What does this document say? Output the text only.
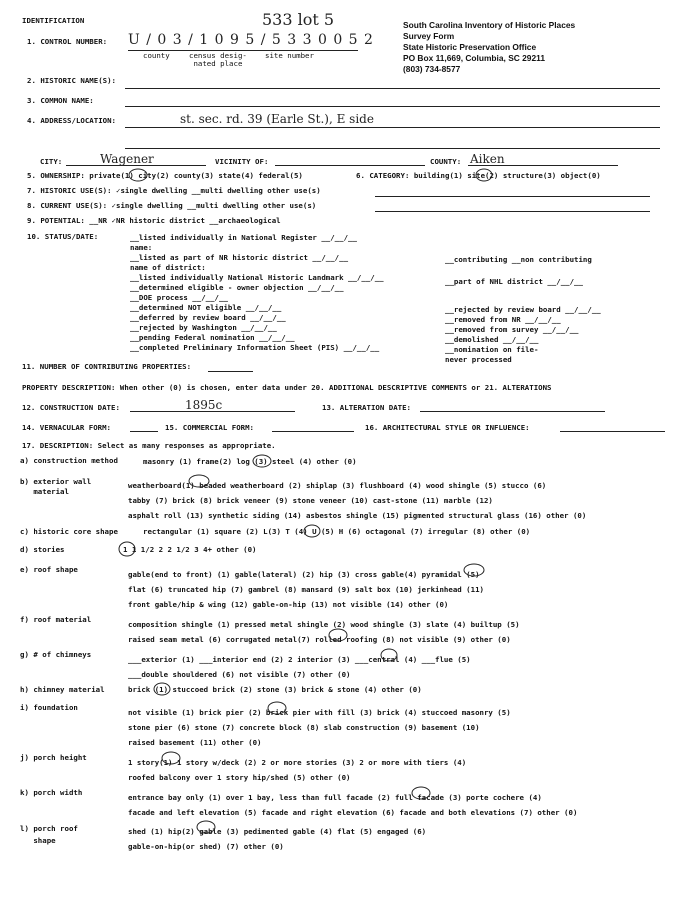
IDENTIFICATION	533 lot 5
1. CONTROL NUMBER: U / 0 3 / 1 0 9 5 / 5 3 3 0 0 5 2
county	census desig-
nated place
site number
South Carolina Inventory of Historic Places
Survey Form
State Historic Preservation Office
PO Box 11,669, Columbia, SC 29211
(803) 734-8577
2. HISTORIC NAME(S):
3. COMMON NAME:
4. ADDRESS/LOCATION:	st. sec. rd. 39 (Earle St.), E side
CITY:	Wagener	VICINITY OF:	COUNTY: Aiken
5. OWNERSHIP: private(1) city(2) county(3) state(4) federal(5)	6. CATEGORY: building(1) site(2) structure(3) object(0)
7. HISTORIC USE(S): ✓single dwelling __multi dwelling other use(s)
8. CURRENT USE(S): ✓single dwelling __multi dwelling other use(s)
9. POTENTIAL: __NR ✓NR historic district __archaeological
10. STATUS/DATE:	__listed individually in National Register __/__/__
name:
__listed as part of NR historic district __/__/__
name of district:
__listed individually National Historic Landmark __/__/__
__determined eligible - owner objection __/__/__
__DOE process __/__/__
__determined NOT eligible __/__/__
__deferred by review board __/__/__
__rejected by Washington __/__/__
__pending Federal nomination __/__/__
__completed Preliminary Information Sheet (PIS) __/__/__
__contributing __non contributing

__part of NHL district __/__/__
__rejected by review board __/__/__
__removed from NR __/__/__
__removed from survey __/__/__
__demolished __/__/__
__nomination on file-
never processed
11. NUMBER OF CONTRIBUTING PROPERTIES:
PROPERTY DESCRIPTION: When other (0) is chosen, enter data under 20. ADDITIONAL DESCRIPTIVE COMMENTS or 21. ALTERATIONS
12. CONSTRUCTION DATE:	1895c	13. ALTERATION DATE:
14. VERNACULAR FORM:	15. COMMERCIAL FORM:	16. ARCHITECTURAL STYLE OR INFLUENCE:
17. DESCRIPTION: Select as many responses as appropriate.
a) construction method	masonry (1) frame(2) log (3) steel (4) other (0)
b) exterior wall
material
weatherboard(1) beaded weatherboard (2) shiplap (3) flushboard (4) wood shingle (5) stucco (6)
tabby (7) brick (8) brick veneer (9) stone veneer (10) cast-stone (11) marble (12)
asphalt roll (13) synthetic siding (14) asbestos shingle (15) pigmented structural glass (16) other (0)
c) historic core shape	rectangular (1) square (2) L(3) T (4) U (5) H (6) octagonal (7) irregular (8) other (0)
d) stories	1 1 1/2 2 2 1/2 3 4+ other (0)
e) roof shape
gable(end to front) (1) gable(lateral) (2) hip (3) cross gable(4) pyramidal (5)
flat (6) truncated hip (7) gambrel (8) mansard (9) salt box (10) jerkinhead (11)
front gable/hip & wing (12) gable-on-hip (13) not visible (14) other (0)
f) roof material
composition shingle (1) pressed metal shingle (2) wood shingle (3) slate (4) builtup (5)
raised seam metal (6) corrugated metal(7) rolled roofing (8) not visible (9) other (0)
g) # of chimneys
___exterior (1) ___interior end (2) 2 interior (3) ___central (4) ___flue (5)
___double shouldered (6) not visible (7) other (0)
h) chimney material	brick (1) stuccoed brick (2) stone (3) brick & stone (4) other (0)
i) foundation
not visible (1) brick pier (2) brick pier with fill (3) brick (4) stuccoed masonry (5)
stone pier (6) stone (7) concrete block (8) slab construction (9) basement (10)
raised basement (11) other (0)
j) porch height
1 story(1) 1 story w/deck (2) 2 or more stories (3) 2 or more with tiers (4)
roofed balcony over 1 story hip/shed (5) other (0)
k) porch width
entrance bay only (1) over 1 bay, less than full facade (2) full facade (3) porte cochere (4)
facade and left elevation (5) facade and right elevation (6) facade and both elevations (7) other (0)
l) porch roof
shape
shed (1) hip(2) gable (3) pedimented gable (4) flat (5) engaged (6)
gable-on-hip(or shed) (7) other (0)
